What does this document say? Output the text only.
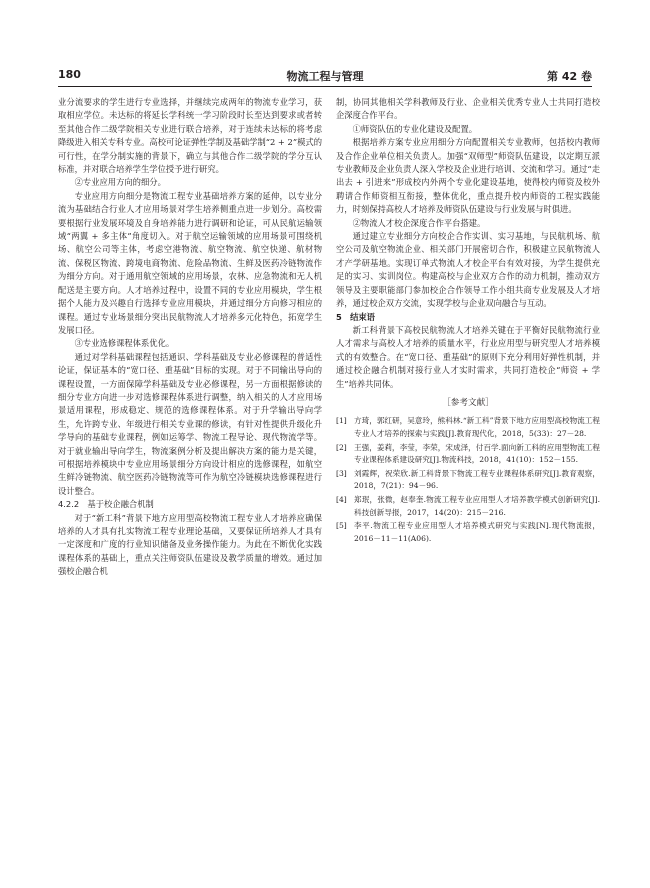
180	物流工程与管理	第 42 卷

业分流要求的学生进行专业选择，并继续完成两年的物流专业学习，获取相应学位。未达标的将延长学科统一学习阶段时长至达到要求或者转至其他合作二级学院相关专业进行联合培养，对于连续未达标的将考虑降级进入相关专科专业。高校可论证弹性学制及基础学制“2 + 2”模式的可行性，在学分制实施的背景下，确立与其他合作二级学院的学分互认标准，并对联合培养学生学位授予进行研究。

②专业应用方向的细分。

专业应用方向细分是物流工程专业基础培养方案的延伸，以专业分流为基础结合行业人才应用场景对学生培养侧重点进一步划分。高校需要根据行业发展环境及自身培养能力进行调研和论证，可从民航运输领域“两翼 + 多主体”角度切入。对于航空运输领域的应用场景可围绕机场、航空公司等主体，考虑空港物流、航空物流、航空快递、航材物流、保税区物流、跨境电商物流、危险品物流、生鲜及医药冷链物流作为细分方向。对于通用航空领域的应用场景，农林、应急物流和无人机配送是主要方向。人才培养过程中，设置不同的专业应用模块，学生根据个人能力及兴趣自行选择专业应用模块，并通过细分方向修习相应的课程。通过专业场景细分突出民航物流人才培养多元化特色，拓宽学生发展口径。

③专业选修课程体系优化。

通过对学科基础课程包括通识、学科基础及专业必修课程的普适性论证，保证基本的“宽口径、重基础”目标的实现。对于不同输出导向的课程设置，一方面保障学科基础及专业必修课程，另一方面根据修读的细分专业方向进一步对选修课程体系进行调整，纳入相关的人才应用场景适用课程，形成稳定、规范的选修课程体系。对于升学输出导向学生，允许跨专业、年级进行相关专业课的修读，有针对性提供升级化升学导向的基础专业课程，例如运筹学、物流工程导论、现代物流学等。对于就业输出导向学生，物流案例分析及提出解决方案的能力是关键，可根据培养模块中专业应用场景细分方向设计相应的选修课程，如航空生鲜冷链物流、航空医药冷链物流等可作为航空冷链模块选修课程进行设计整合。

4.2.2　基于校企融合机制

对于“新工科”背景下地方应用型高校物流工程专业人才培养应确保培养的人才具有扎实物流工程专业理论基础，又要保证所培养人才具有一定深度和广度的行业知识储备及业务操作能力。为此在不断优化实践课程体系的基础上，重点关注师资队伍建设及教学质量的增效。通过加强校企融合机

制，协同其他相关学科教师及行业、企业相关优秀专业人士共同打造校企深度合作平台。

①师资队伍的专业化建设及配置。

根据培养方案专业应用细分方向配置相关专业教师，包括校内教师及合作企业单位相关负责人。加强“双师型”师资队伍建设，以定期互派专业教师及企业负责人深入学校及企业进行培训、交流和学习。通过“走出去 + 引进来”形成校内外两个专业化建设基地，使得校内师资及校外聘请合作师资相互衔接，整体优化，重点提升校内师资的工程实践能力，时刻保持高校人才培养及师资队伍建设与行业发展与时俱进。

②物流人才校企深度合作平台搭建。

通过建立专业细分方向校企合作实训、实习基地，与民航机场、航空公司及航空物流企业、相关部门开展密切合作，积极建立民航物流人才产学研基地。实现订单式物流人才校企平台有效对接，为学生提供充足的实习、实训岗位。构建高校与企业双方合作的动力机制，推动双方领导及主要职能部门参加校企合作领导工作小组共商专业发展及人才培养，通过校企双方交流，实现学校与企业双向融合与互动。

5　结束语

新工科背景下高校民航物流人才培养关键在于平衡好民航物流行业人才需求与高校人才培养的质量水平，行业应用型与研究型人才培养模式的有效整合。在“宽口径、重基础”的原则下充分利用好弹性机制，并通过校企融合机制对接行业人才实时需求，共同打造校企“师资 + 学生”培养共同体。

［参考文献］
[1] 方琦，郭红研，吴意玲，熊科林.“新工科”背景下地方应用型高校物流工程专业人才培养的探索与实践[J].教育现代化，2018，5(33)：27－28.
[2] 王强，姜莉，李莹，李荣，宋成泽，付百学.面向新工科的应用型物流工程专业课程体系建设研究[J].物流科技，2018，41(10)：152－155.
[3] 刘霞辉，祝荣欣.新工科背景下物流工程专业课程体系研究[J].教育观察，2018，7(21)：94－96.
[4] 郑珉，张微，赵奉奎.物流工程专业应用型人才培养教学模式创新研究[J].科技创新导报，2017，14(20)：215－216.
[5] 李平.物流工程专业应用型人才培养模式研究与实践[N].现代物流报，2016－11－11(A06).
